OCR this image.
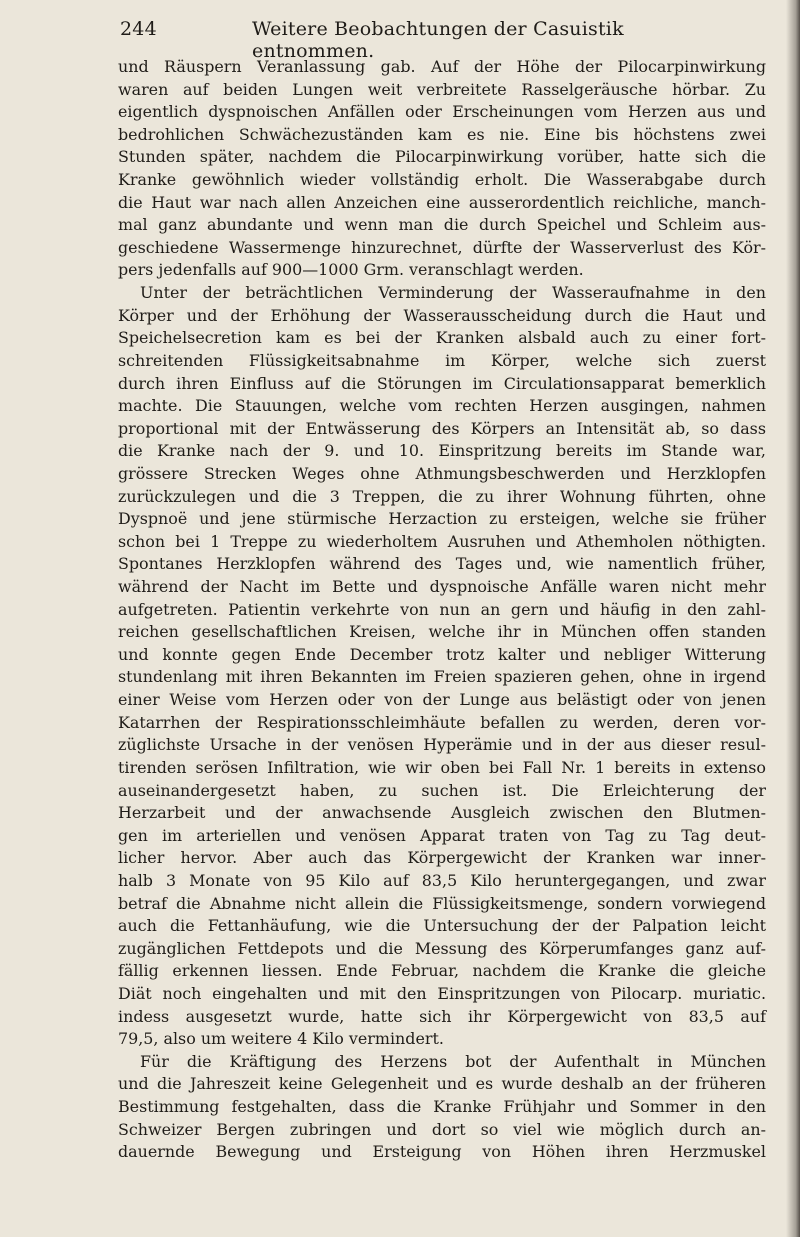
244	Weitere Beobachtungen der Casuistik entnommen.
und Räuspern Veranlassung gab. Auf der Höhe der Pilocarpinwirkung
waren auf beiden Lungen weit verbreitete Rasselgeräusche hörbar. Zu
eigentlich dyspnoischen Anfällen oder Erscheinungen vom Herzen aus und
bedrohlichen Schwächezuständen kam es nie. Eine bis höchstens zwei
Stunden später, nachdem die Pilocarpinwirkung vorüber, hatte sich die
Kranke gewöhnlich wieder vollständig erholt. Die Wasserabgabe durch
die Haut war nach allen Anzeichen eine ausserordentlich reichliche, manch-
mal ganz abundante und wenn man die durch Speichel und Schleim aus-
geschiedene Wassermenge hinzurechnet, dürfte der Wasserverlust des Kör-
pers jedenfalls auf 900—1000 Grm. veranschlagt werden.
Unter der beträchtlichen Verminderung der Wasseraufnahme in den
Körper und der Erhöhung der Wasserausscheidung durch die Haut und
Speichelsecretion kam es bei der Kranken alsbald auch zu einer fort-
schreitenden Flüssigkeitsabnahme im Körper, welche sich zuerst
durch ihren Einfluss auf die Störungen im Circulationsapparat bemerklich
machte. Die Stauungen, welche vom rechten Herzen ausgingen, nahmen
proportional mit der Entwässerung des Körpers an Intensität ab, so dass
die Kranke nach der 9. und 10. Einspritzung bereits im Stande war,
grössere Strecken Weges ohne Athmungsbeschwerden und Herzklopfen
zurückzulegen und die 3 Treppen, die zu ihrer Wohnung führten, ohne
Dyspnoë und jene stürmische Herzaction zu ersteigen, welche sie früher
schon bei 1 Treppe zu wiederholtem Ausruhen und Athemholen nöthigten.
Spontanes Herzklopfen während des Tages und, wie namentlich früher,
während der Nacht im Bette und dyspnoische Anfälle waren nicht mehr
aufgetreten. Patientin verkehrte von nun an gern und häufig in den zahl-
reichen gesellschaftlichen Kreisen, welche ihr in München offen standen
und konnte gegen Ende December trotz kalter und nebliger Witterung
stundenlang mit ihren Bekannten im Freien spazieren gehen, ohne in irgend
einer Weise vom Herzen oder von der Lunge aus belästigt oder von jenen
Katarrhen der Respirationsschleimhäute befallen zu werden, deren vor-
züglichste Ursache in der venösen Hyperämie und in der aus dieser resul-
tirenden serösen Infiltration, wie wir oben bei Fall Nr. 1 bereits in extenso
auseinandergesetzt haben, zu suchen ist. Die Erleichterung der
Herzarbeit und der anwachsende Ausgleich zwischen den Blutmen-
gen im arteriellen und venösen Apparat traten von Tag zu Tag deut-
licher hervor. Aber auch das Körpergewicht der Kranken war inner-
halb 3 Monate von 95 Kilo auf 83,5 Kilo heruntergegangen, und zwar
betraf die Abnahme nicht allein die Flüssigkeitsmenge, sondern vorwiegend
auch die Fettanhäufung, wie die Untersuchung der der Palpation leicht
zugänglichen Fettdepots und die Messung des Körperumfanges ganz auf-
fällig erkennen liessen. Ende Februar, nachdem die Kranke die gleiche
Diät noch eingehalten und mit den Einspritzungen von Pilocarp. muriatic.
indess ausgesetzt wurde, hatte sich ihr Körpergewicht von 83,5 auf
79,5, also um weitere 4 Kilo vermindert.
Für die Kräftigung des Herzens bot der Aufenthalt in München
und die Jahreszeit keine Gelegenheit und es wurde deshalb an der früheren
Bestimmung festgehalten, dass die Kranke Frühjahr und Sommer in den
Schweizer Bergen zubringen und dort so viel wie möglich durch an-
dauernde Bewegung und Ersteigung von Höhen ihren Herzmuskel
